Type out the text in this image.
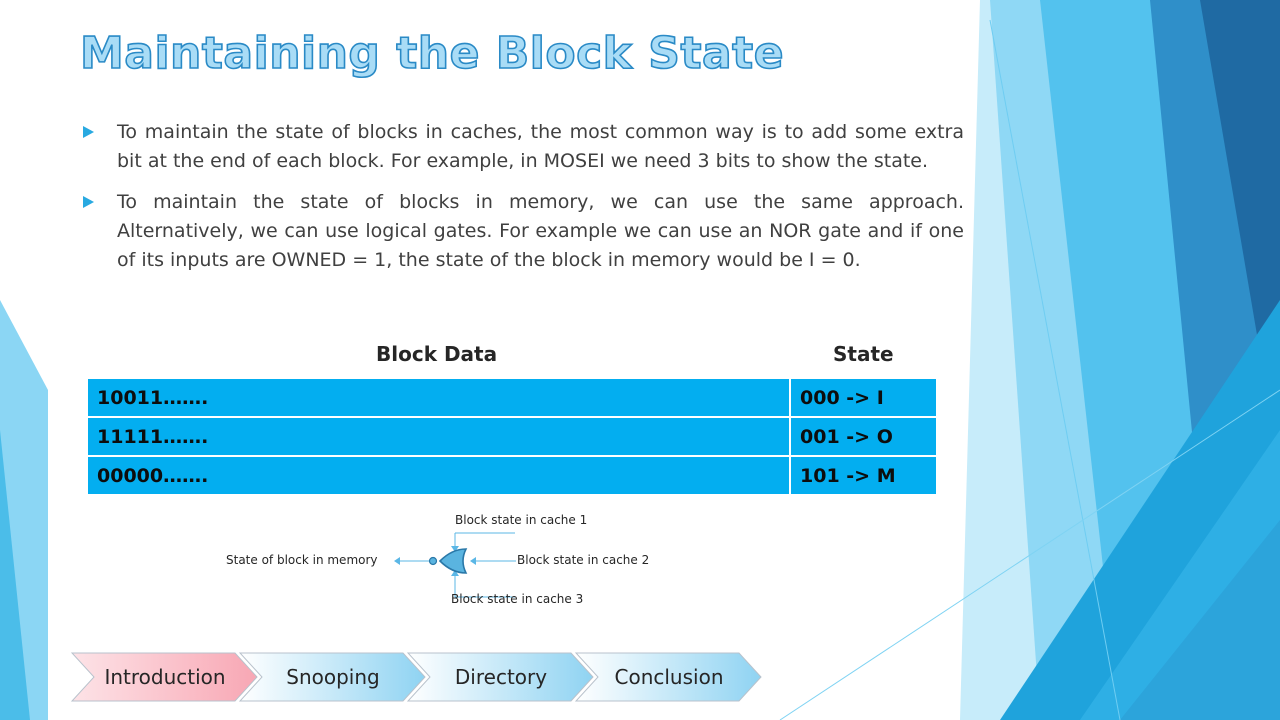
Maintaining the Block State
To maintain the state of blocks in caches, the most common way is to add some extra bit at the end of each block. For example, in MOSEI we need 3 bits to show the state.
To maintain the state of blocks in memory, we can use the same approach. Alternatively, we can use logical gates. For example we can use an NOR gate and if one of its inputs are OWNED = 1, the state of the block in memory would be I = 0.
Block Data	State
10011…….	000 -> I
11111…….	001 -> O
00000…….	101 -> M
Block state in cache 1
Block state in cache 2
Block state in cache 3
State of block in memory
Introduction	Snooping	Directory	Conclusion
